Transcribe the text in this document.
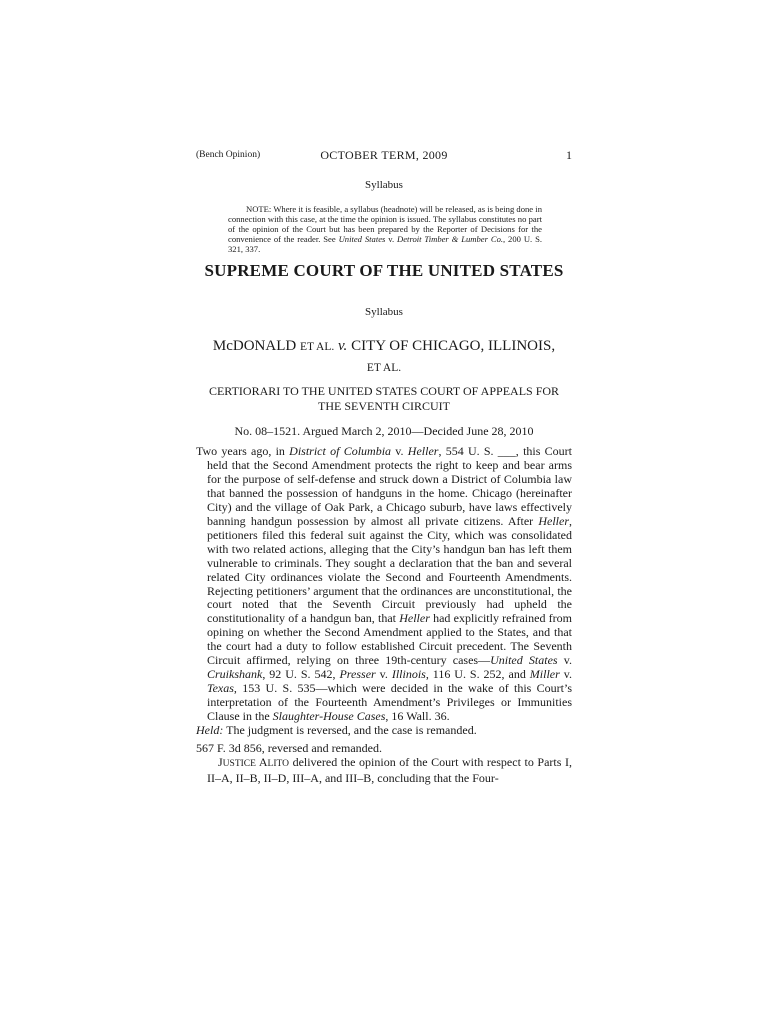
(Bench Opinion)	OCTOBER TERM, 2009	1
Syllabus

NOTE: Where it is feasible, a syllabus (headnote) will be released, as is being done in connection with this case, at the time the opinion is issued. The syllabus constitutes no part of the opinion of the Court but has been prepared by the Reporter of Decisions for the convenience of the reader. See United States v. Detroit Timber & Lumber Co., 200 U. S. 321, 337.

SUPREME COURT OF THE UNITED STATES
Syllabus
McDONALD ET AL. v. CITY OF CHICAGO, ILLINOIS,
ET AL.
CERTIORARI TO THE UNITED STATES COURT OF APPEALS FOR THE SEVENTH CIRCUIT
No. 08–1521. Argued March 2, 2010—Decided June 28, 2010

Two years ago, in District of Columbia v. Heller, 554 U. S. ___, this Court held that the Second Amendment protects the right to keep and bear arms for the purpose of self-defense and struck down a District of Columbia law that banned the possession of handguns in the home. Chicago (hereinafter City) and the village of Oak Park, a Chicago suburb, have laws effectively banning handgun possession by almost all private citizens. After Heller, petitioners filed this federal suit against the City, which was consolidated with two related actions, alleging that the City’s handgun ban has left them vulnerable to criminals. They sought a declaration that the ban and several related City ordinances violate the Second and Fourteenth Amendments. Rejecting petitioners’ argument that the ordinances are unconstitutional, the court noted that the Seventh Circuit previously had upheld the constitutionality of a handgun ban, that Heller had explicitly refrained from opining on whether the Second Amendment applied to the States, and that the court had a duty to follow established Circuit precedent. The Seventh Circuit affirmed, relying on three 19th-century cases—United States v. Cruikshank, 92 U. S. 542, Presser v. Illinois, 116 U. S. 252, and Miller v. Texas, 153 U. S. 535—which were decided in the wake of this Court’s interpretation of the Fourteenth Amendment’s Privileges or Immunities Clause in the Slaughter-House Cases, 16 Wall. 36.

Held: The judgment is reversed, and the case is remanded.

567 F. 3d 856, reversed and remanded.

JUSTICE ALITO delivered the opinion of the Court with respect to Parts I, II–A, II–B, II–D, III–A, and III–B, concluding that the Four-
